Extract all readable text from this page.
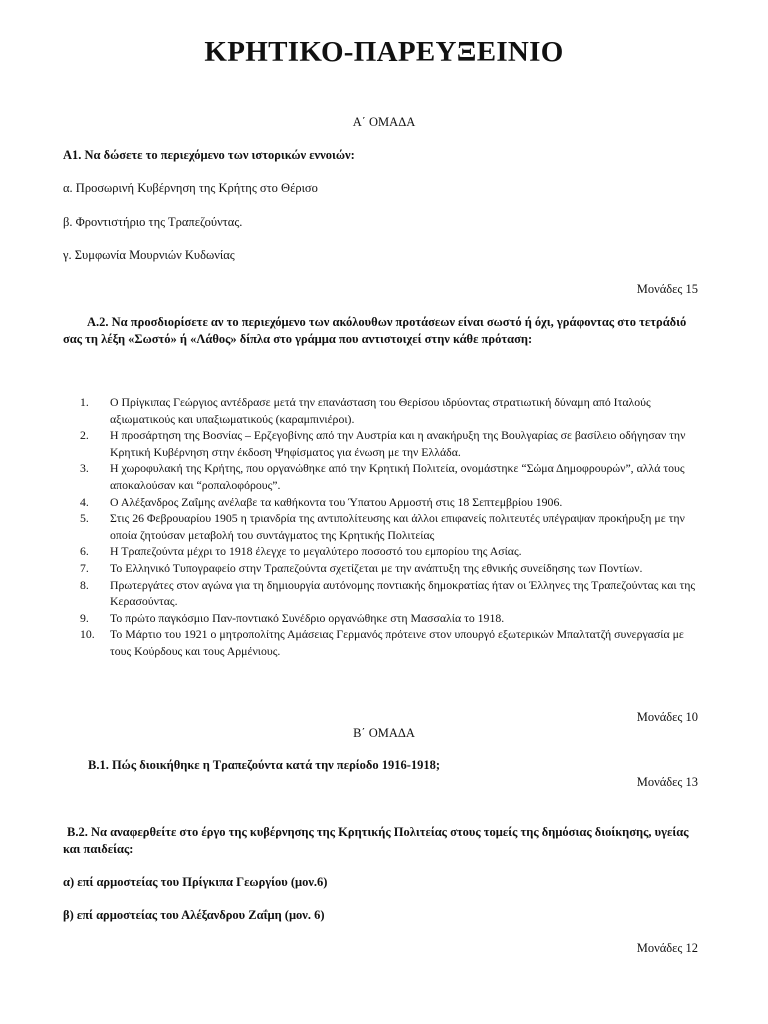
ΚΡΗΤΙΚΟ-ΠΑΡΕΥΞΕΙΝΙΟ
Α΄ ΟΜΑΔΑ
Α1. Να δώσετε το περιεχόμενο των ιστορικών εννοιών:
α. Προσωρινή Κυβέρνηση της Κρήτης στο Θέρισο
β. Φροντιστήριο της Τραπεζούντας.
γ. Συμφωνία Μουρνιών Κυδωνίας
Μονάδες 15
Α.2. Να προσδιορίσετε αν το περιεχόμενο των ακόλουθων προτάσεων είναι σωστό ή όχι, γράφοντας στο τετράδιό σας τη λέξη «Σωστό» ή «Λάθος» δίπλα στο γράμμα που αντιστοιχεί στην κάθε πρόταση:
1.	Ο Πρίγκιπας Γεώργιος αντέδρασε μετά την επανάσταση του Θερίσου ιδρύοντας στρατιωτική δύναμη από Ιταλούς αξιωματικούς και υπαξιωματικούς (καραμπινιέροι).
2.	Η προσάρτηση της Βοσνίας – Ερζεγοβίνης από την Αυστρία και η ανακήρυξη της Βουλγαρίας σε βασίλειο οδήγησαν την Κρητική Κυβέρνηση στην έκδοση Ψηφίσματος για ένωση με την Ελλάδα.
3.	Η χωροφυλακή της Κρήτης, που οργανώθηκε από την Κρητική Πολιτεία, ονομάστηκε “Σώμα Δημοφρουρών”, αλλά τους αποκαλούσαν και “ροπαλοφόρους”.
4.	Ο Αλέξανδρος Ζαΐμης ανέλαβε τα καθήκοντα του Ύπατου Αρμοστή στις 18 Σεπτεμβρίου 1906.
5.	Στις 26 Φεβρουαρίου 1905 η τριανδρία της αντιπολίτευσης και άλλοι επιφανείς πολιτευτές υπέγραψαν προκήρυξη με την οποία ζητούσαν μεταβολή του συντάγματος της Κρητικής Πολιτείας
6.	Η Τραπεζούντα μέχρι το 1918 έλεγχε το μεγαλύτερο ποσοστό του εμπορίου της Ασίας.
7.	Το Ελληνικό Τυπογραφείο στην Τραπεζούντα σχετίζεται με την ανάπτυξη της εθνικής συνείδησης των Ποντίων.
8.	Πρωτεργάτες στον αγώνα για τη δημιουργία αυτόνομης ποντιακής δημοκρατίας ήταν οι Έλληνες της Τραπεζούντας και της Κερασούντας.
9.	Το πρώτο παγκόσμιο Παν-ποντιακό Συνέδριο οργανώθηκε στη Μασσαλία το 1918.
10.	Το Μάρτιο του 1921 ο μητροπολίτης Αμάσειας Γερμανός πρότεινε στον υπουργό εξωτερικών Μπαλτατζή συνεργασία με τους Κούρδους και τους Αρμένιους.
Μονάδες 10
Β΄ ΟΜΑΔΑ
Β.1. Πώς διοικήθηκε η Τραπεζούντα κατά την περίοδο 1916-1918;
Μονάδες 13
Β.2. Να αναφερθείτε στο έργο της κυβέρνησης της Κρητικής Πολιτείας στους τομείς της δημόσιας διοίκησης, υγείας και παιδείας:
α) επί αρμοστείας του Πρίγκιπα Γεωργίου (μον.6)
β) επί αρμοστείας του Αλέξανδρου Ζαΐμη (μον. 6)
Μονάδες 12
